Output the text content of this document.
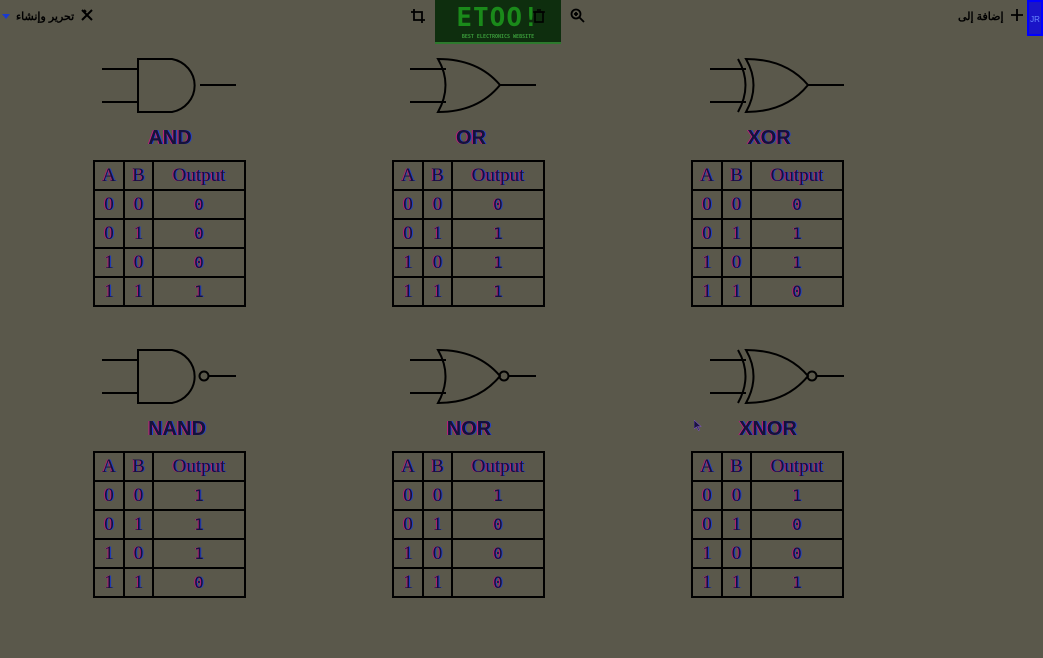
تحرير وإنشاء	ETOO!
BEST ELECTRONICS WEBSITE
إضافة إلى	JR
AND	OR	XOR
NAND	NOR	XNOR
A	B	Output
0	0	0
0	1	0
1	0	0
1	1	1
A	B	Output
0	0	0
0	1	1
1	0	1
1	1	1
A	B	Output
0	0	0
0	1	1
1	0	1
1	1	0
A	B	Output
0	0	1
0	1	1
1	0	1
1	1	0
A	B	Output
0	0	1
0	1	0
1	0	0
1	1	0
A	B	Output
0	0	1
0	1	0
1	0	0
1	1	1
